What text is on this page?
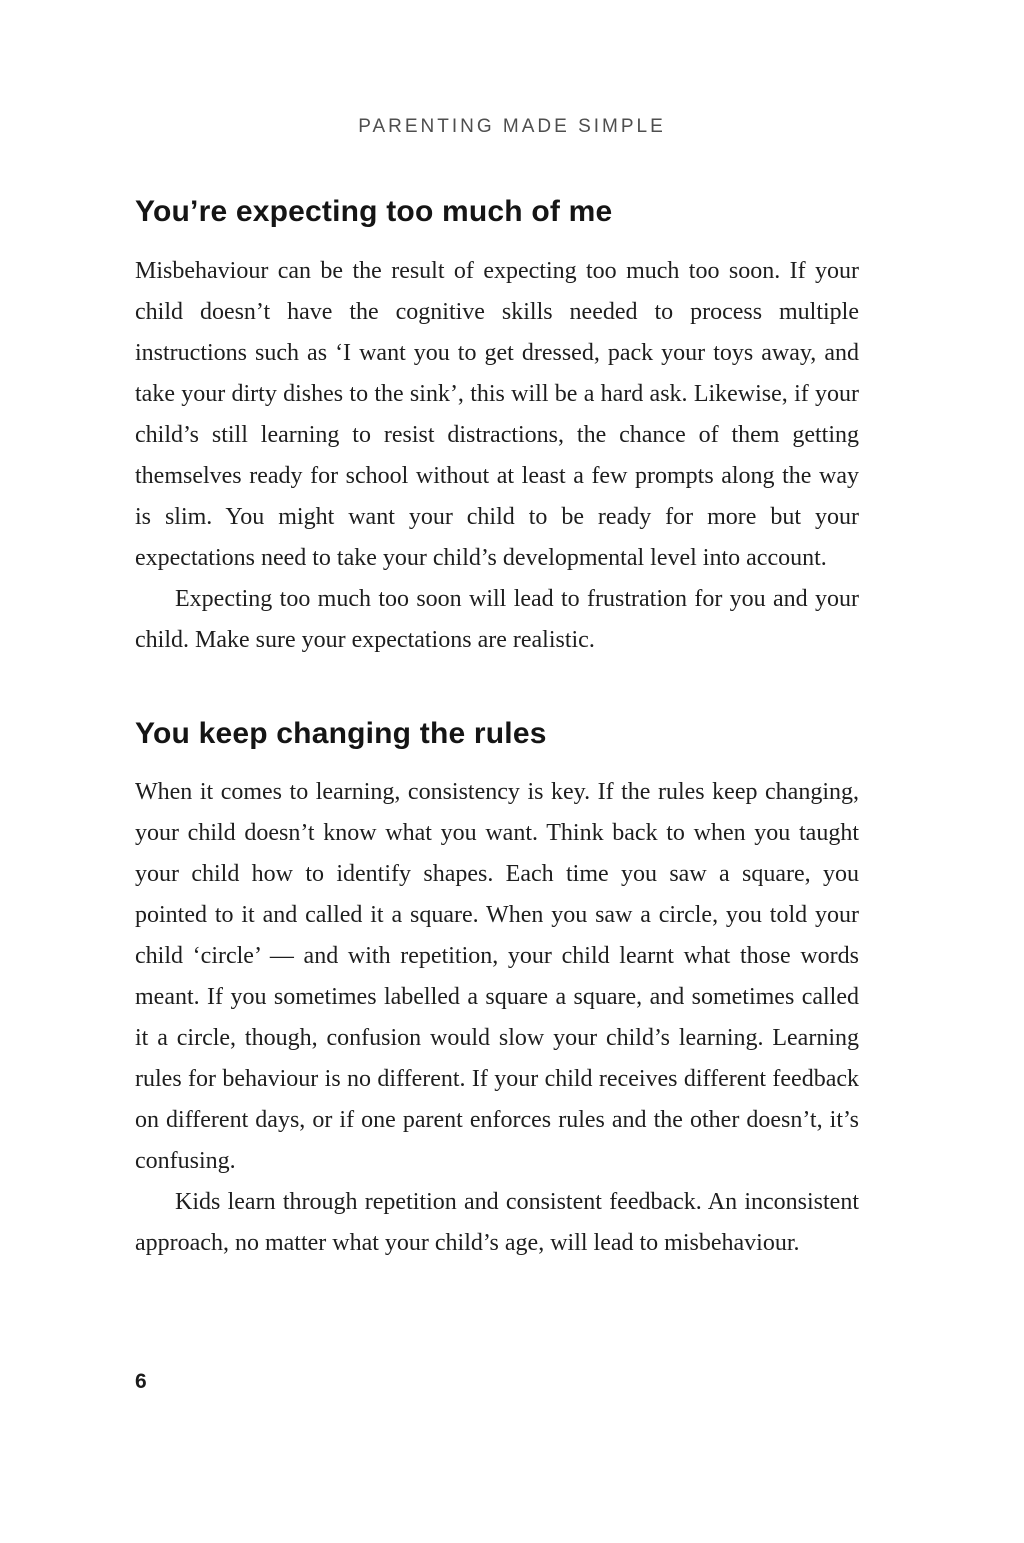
PARENTING MADE SIMPLE
You’re expecting too much of me

Misbehaviour can be the result of expecting too much too soon. If your child doesn’t have the cognitive skills needed to process multiple instructions such as ‘I want you to get dressed, pack your toys away, and take your dirty dishes to the sink’, this will be a hard ask. Likewise, if your child’s still learning to resist distractions, the chance of them getting themselves ready for school without at least a few prompts along the way is slim. You might want your child to be ready for more but your expectations need to take your child’s developmental level into account.

Expecting too much too soon will lead to frustration for you and your child. Make sure your expectations are realistic.

You keep changing the rules

When it comes to learning, consistency is key. If the rules keep changing, your child doesn’t know what you want. Think back to when you taught your child how to identify shapes. Each time you saw a square, you pointed to it and called it a square. When you saw a circle, you told your child ‘circle’ — and with repetition, your child learnt what those words meant. If you sometimes labelled a square a square, and sometimes called it a circle, though, confusion would slow your child’s learning. Learning rules for behaviour is no different. If your child receives different feedback on different days, or if one parent enforces rules and the other doesn’t, it’s confusing.

Kids learn through repetition and consistent feedback. An inconsistent approach, no matter what your child’s age, will lead to misbehaviour.

6
